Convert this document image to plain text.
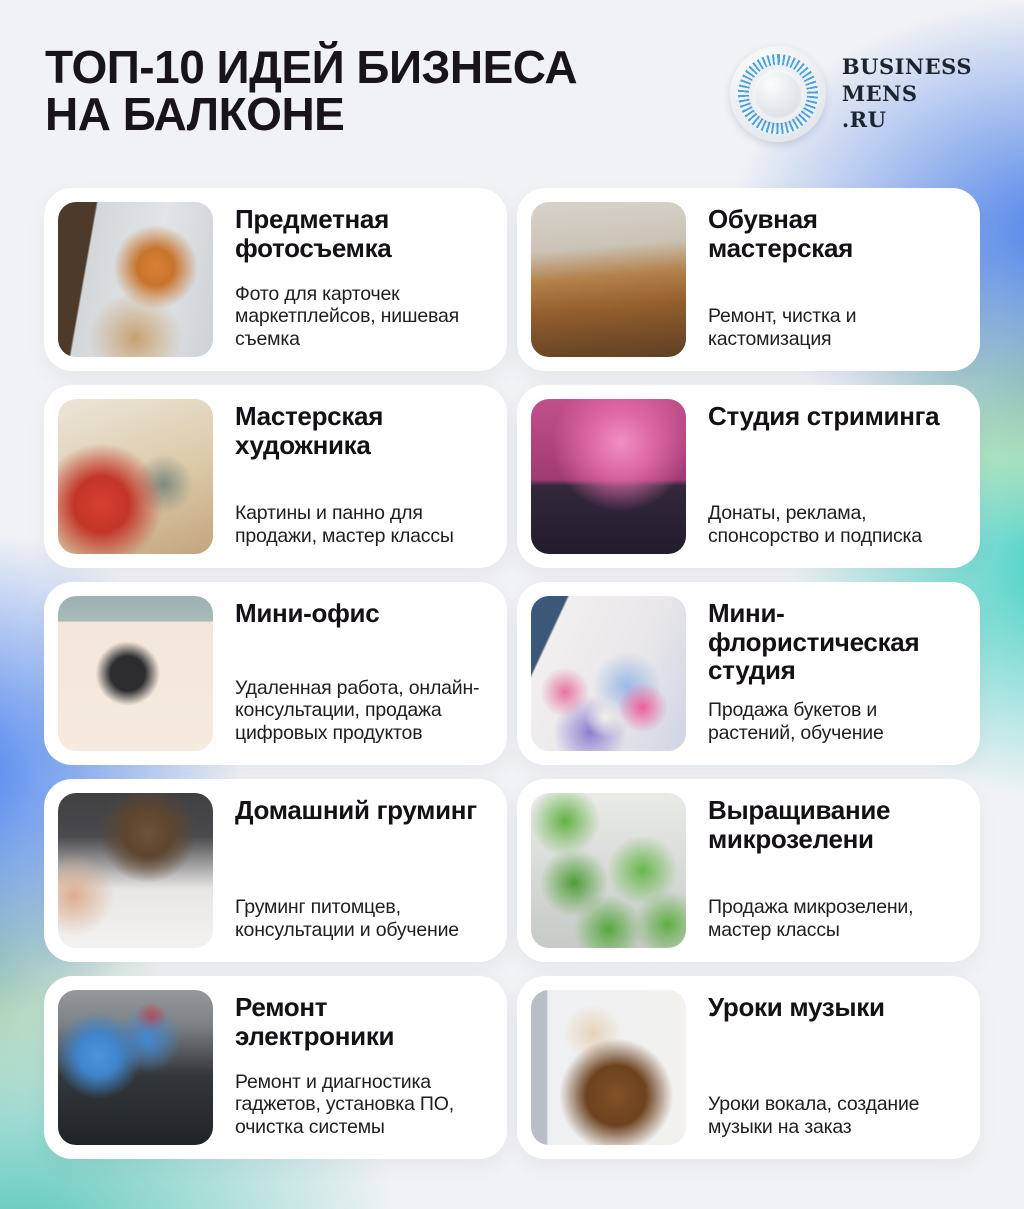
ТОП-10 ИДЕЙ БИЗНЕСА
НА БАЛКОНЕ
BUSINESS
MENS
.RU
Предметная фотосъемка

Фото для карточек маркетплейсов, нишевая съемка

Обувная мастерская

Ремонт, чистка и кастомизация

Мастерская художника

Картины и панно для продажи, мастер классы

Студия стриминга

Донаты, реклама, спонсорство и подписка

Мини-офис

Удаленная работа, онлайн-консультации, продажа цифровых продуктов

Мини-флористическая студия

Продажа букетов и растений, обучение

Домашний груминг

Груминг питомцев, консультации и обучение

Выращивание микрозелени

Продажа микрозелени, мастер классы

Ремонт электроники

Ремонт и диагностика гаджетов, установка ПО, очистка системы

Уроки музыки

Уроки вокала, создание музыки на заказ
